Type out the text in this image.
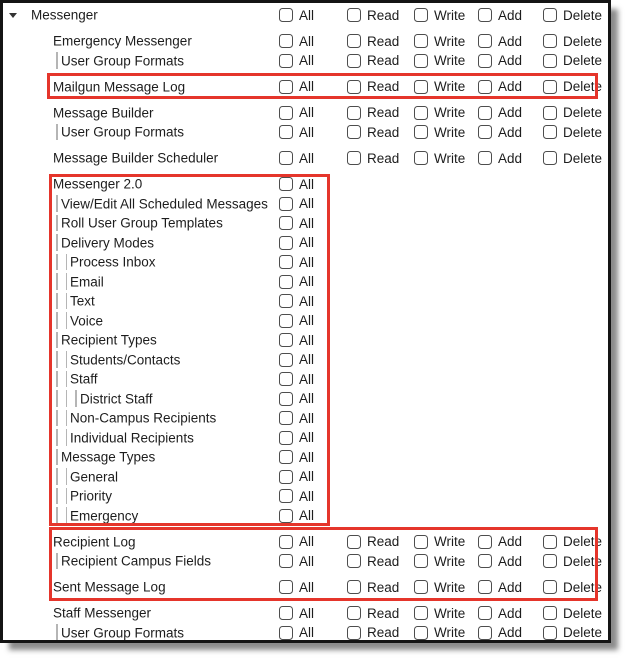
Messenger	All	Read	Write Add	Delete
Emergency Messenger	All	Read	Write Add	Delete
User Group Formats	All	Read	Write Add	Delete
Mailgun Message Log	All	Read	Write Add	Delete
Message Builder	All	Read	Write Add	Delete
User Group Formats	All	Read	Write Add	Delete
Message Builder Scheduler	All	Read	Write Add	Delete
Messenger 2.0	All
View/Edit All Scheduled Messages All
Roll User Group Templates	All
Delivery Modes	All
Process Inbox	All
Email	All
Text	All
Voice	All
Recipient Types	All
Students/Contacts	All
Staff	All
District Staff	All
Non-Campus Recipients	All
Individual Recipients	All
Message Types	All
General	All
Priority	All
Emergency	All
Recipient Log	All	Read	Write Add	Delete
Recipient Campus Fields	All	Read	Write Add	Delete
Sent Message Log	All	Read	Write Add	Delete
Staff Messenger	All	Read	Write Add	Delete
User Group Formats	All	Read	Write Add	Delete
